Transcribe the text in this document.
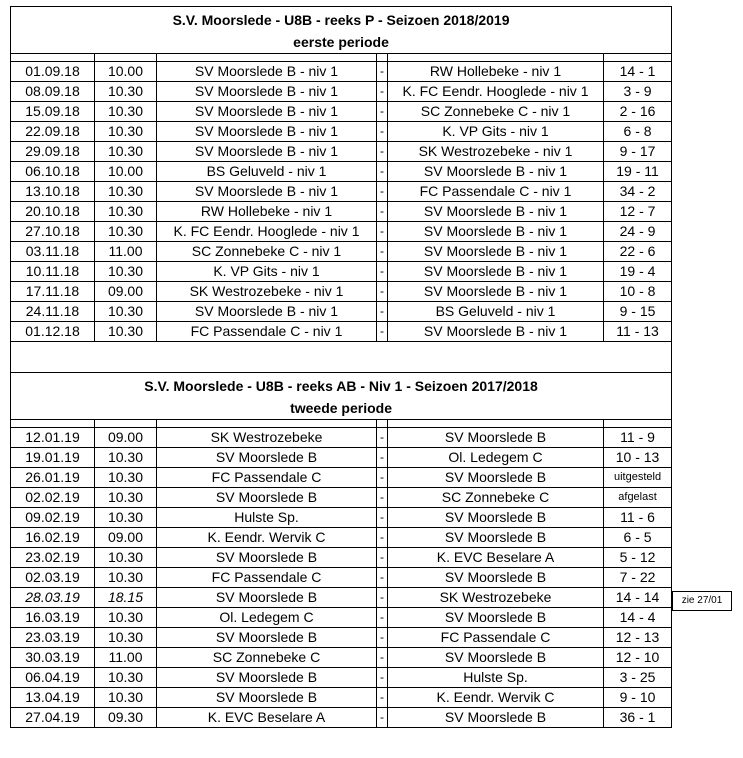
S.V. Moorslede - U8B - reeks P - Seizoen 2018/2019					
eerste periode					

01.09.18	10.00	SV Moorslede B - niv 1	-	RW Hollebeke - niv 1	14 - 1
08.09.18	10.30	SV Moorslede B - niv 1	-	K. FC Eendr. Hooglede - niv 1	3 - 9
15.09.18	10.30	SV Moorslede B - niv 1	-	SC Zonnebeke C - niv 1	2 - 16
22.09.18	10.30	SV Moorslede B - niv 1	-	K. VP Gits - niv 1	6 - 8
29.09.18	10.30	SV Moorslede B - niv 1	-	SK Westrozebeke - niv 1	9 - 17
06.10.18	10.00	BS Geluveld - niv 1	-	SV Moorslede B - niv 1	19 - 11
13.10.18	10.30	SV Moorslede B - niv 1	-	FC Passendale C - niv 1	34 - 2
20.10.18	10.30	RW Hollebeke - niv 1	-	SV Moorslede B - niv 1	12 - 7
27.10.18	10.30	K. FC Eendr. Hooglede - niv 1	-	SV Moorslede B - niv 1	24 - 9
03.11.18	11.00	SC Zonnebeke C - niv 1	-	SV Moorslede B - niv 1	22 - 6
10.11.18	10.30	K. VP Gits - niv 1	-	SV Moorslede B - niv 1	19 - 4
17.11.18	09.00	SK Westrozebeke - niv 1	-	SV Moorslede B - niv 1	10 - 8
24.11.18	10.30	SV Moorslede B - niv 1	-	BS Geluveld - niv 1	9 - 15
01.12.18	10.30	FC Passendale C - niv 1	-	SV Moorslede B - niv 1	11 - 13

S.V. Moorslede - U8B - reeks AB - Niv 1 - Seizoen 2017/2018					
tweede periode					

12.01.19	09.00	SK Westrozebeke	-	SV Moorslede B	11 - 9
19.01.19	10.30	SV Moorslede B	-	Ol. Ledegem C	10 - 13
26.01.19	10.30	FC Passendale C	-	SV Moorslede B	uitgesteld
02.02.19	10.30	SV Moorslede B	-	SC Zonnebeke C	afgelast
09.02.19	10.30	Hulste Sp.	-	SV Moorslede B	11 - 6
16.02.19	09.00	K. Eendr. Wervik C	-	SV Moorslede B	6 - 5
23.02.19	10.30	SV Moorslede B	-	K. EVC Beselare A	5 - 12
02.03.19	10.30	FC Passendale C	-	SV Moorslede B	7 - 22
28.03.19	18.15	SV Moorslede B	-	SK Westrozebeke	14 - 14
16.03.19	10.30	Ol. Ledegem C	-	SV Moorslede B	14 - 4
23.03.19	10.30	SV Moorslede B	-	FC Passendale C	12 - 13
30.03.19	11.00	SC Zonnebeke C	-	SV Moorslede B	12 - 10
06.04.19	10.30	SV Moorslede B	-	Hulste Sp.	3 - 25
13.04.19	10.30	SV Moorslede B	-	K. Eendr. Wervik C	9 - 10
27.04.19	09.30	K. EVC Beselare A	-	SV Moorslede B	36 - 1
zie 27/01
